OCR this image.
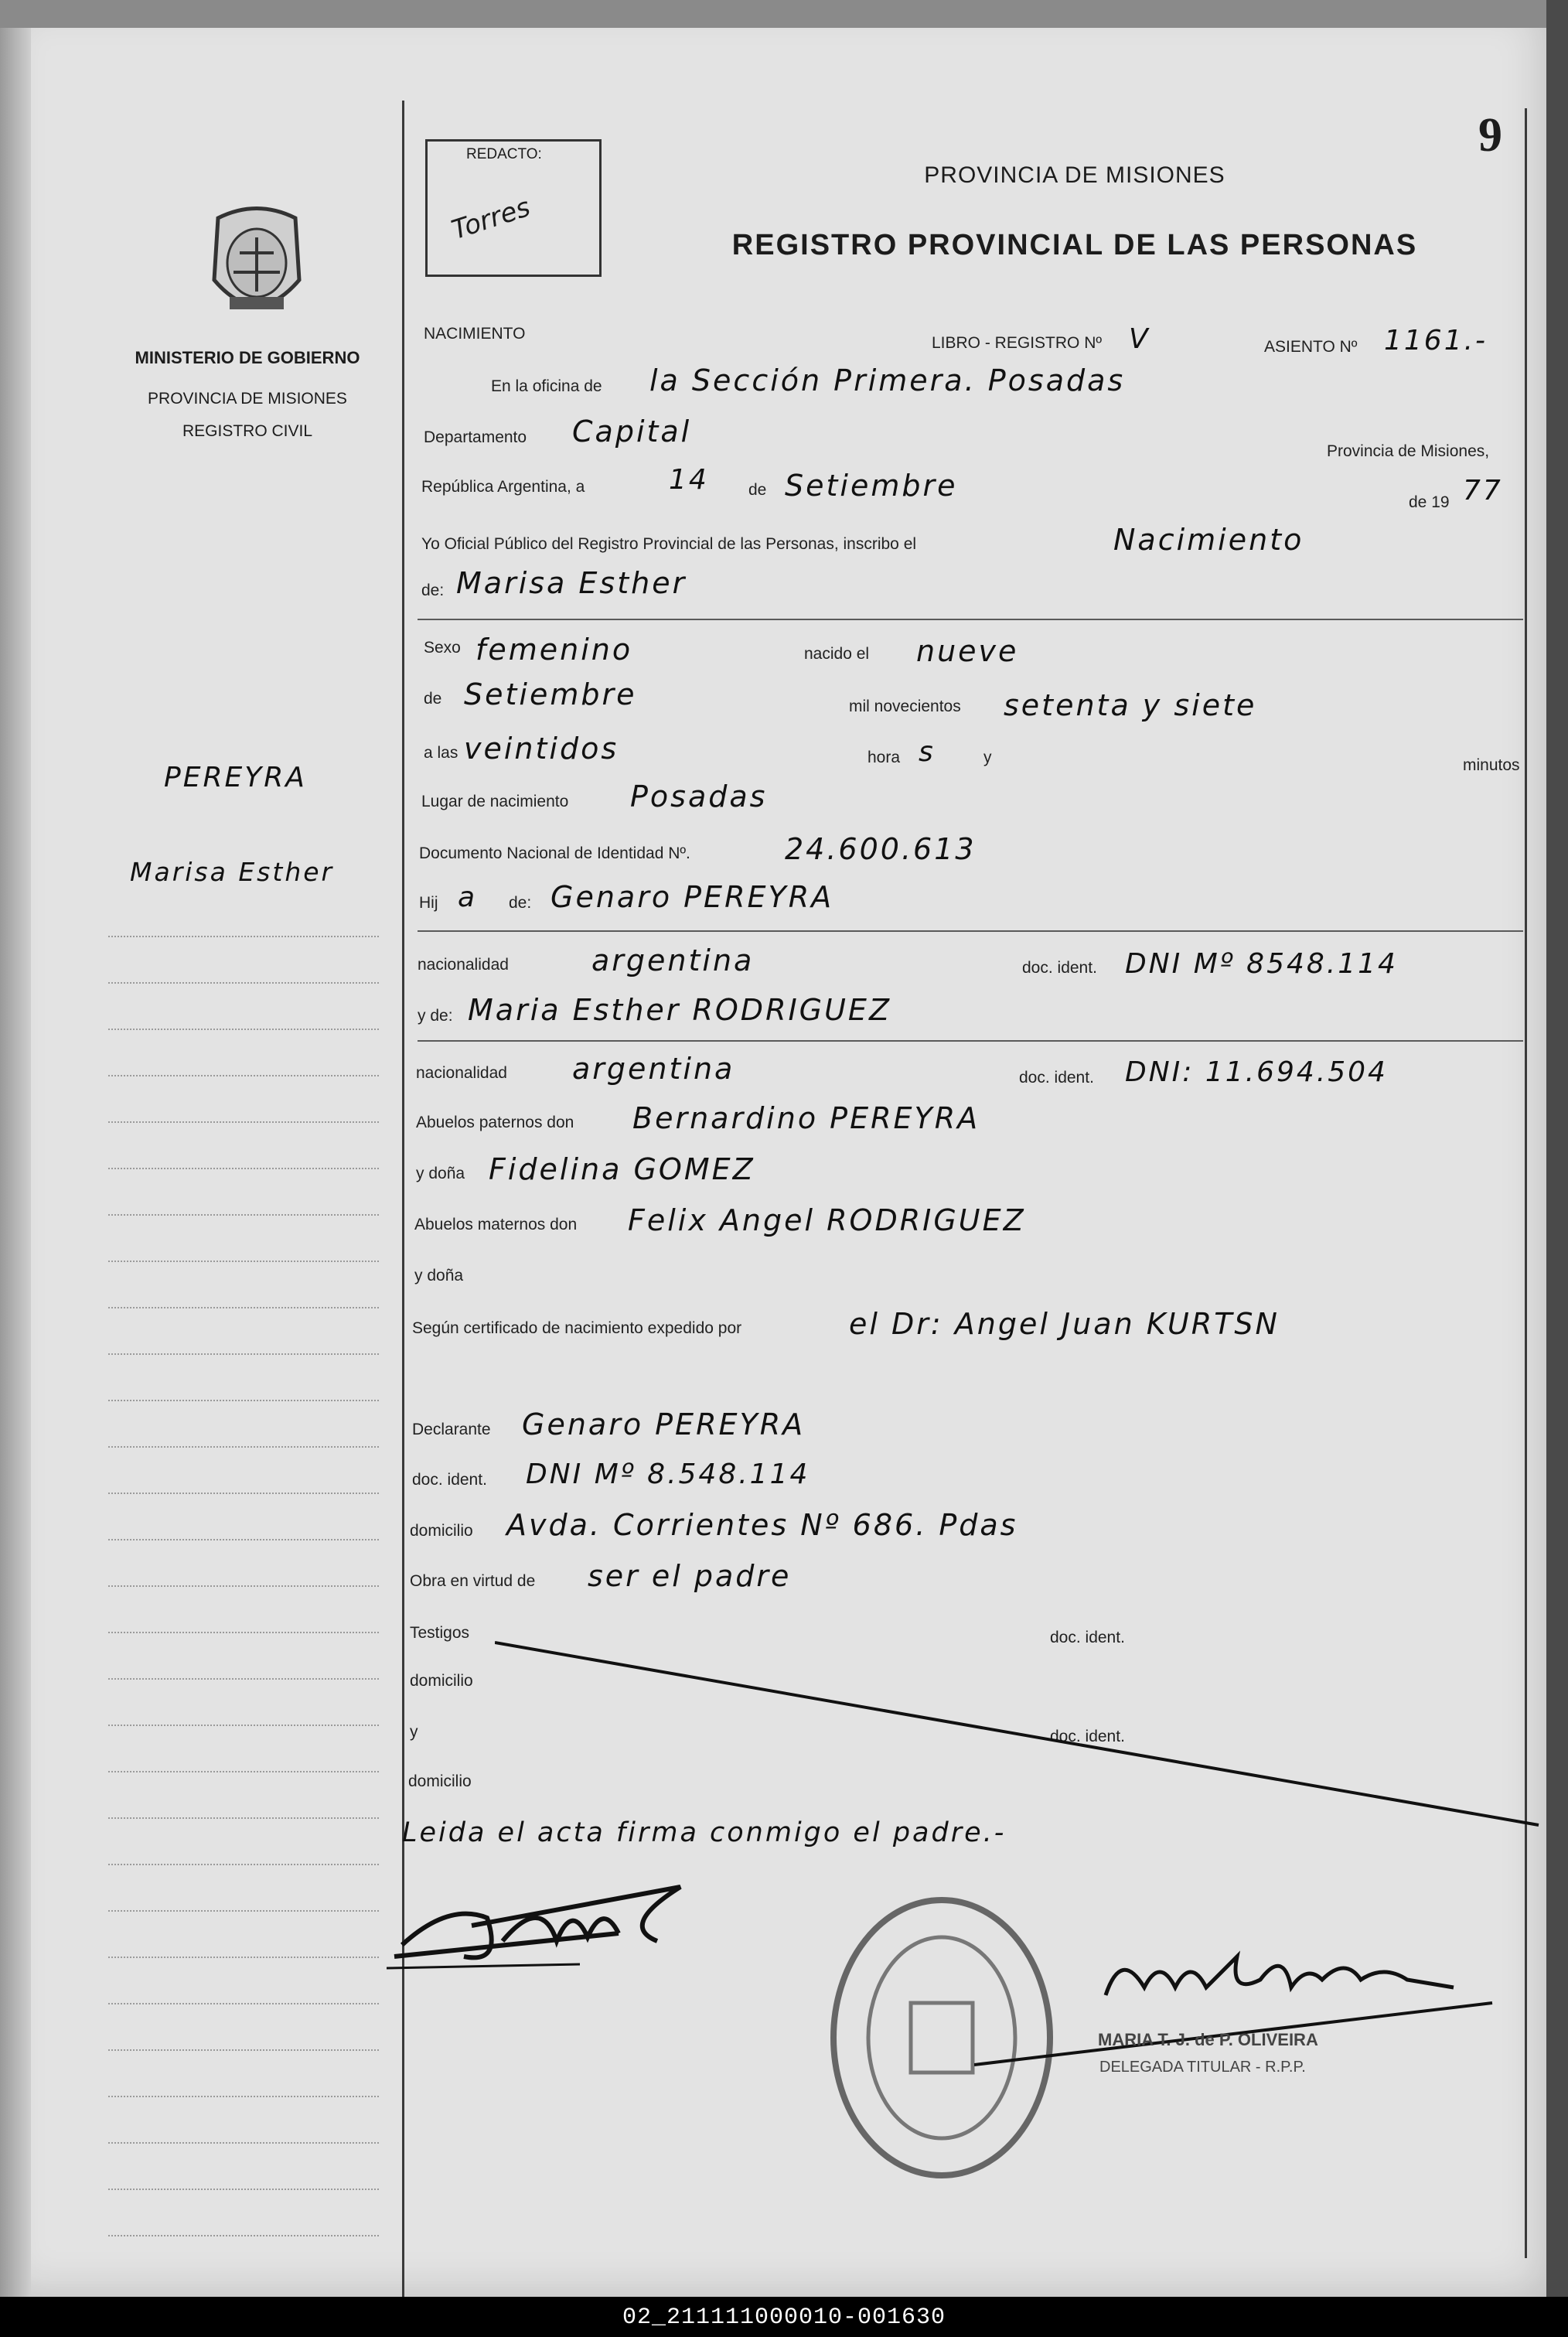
9
REDACTO:
Torres
PROVINCIA DE MISIONES
REGISTRO PROVINCIAL DE LAS PERSONAS
MINISTERIO DE GOBIERNO
PROVINCIA DE MISIONES
REGISTRO CIVIL
PEREYRA
Marisa Esther
NACIMIENTO
LIBRO - REGISTRO Nº V	ASIENTO Nº 1161.-
En la oficina de la Sección Primera. Posadas
Departamento Capital
Provincia de Misiones,
República Argentina, a	14 de Setiembre	de 19 77
Yo Oficial Público del Registro Provincial de las Personas, inscribo el	Nacimiento
de: Marisa Esther
Sexo femenino	nacido el nueve
de Setiembre	mil novecientos setenta y siete
a las veintidos	hora s	y	minutos
Lugar de nacimiento Posadas
Documento Nacional de Identidad Nº.	24.600.613
Hij a de: Genaro PEREYRA
nacionalidad	argentina	doc. ident. DNI Mº 8548.114
y de: Maria Esther RODRIGUEZ
nacionalidad argentina	doc. ident. DNI: 11.694.504
Abuelos paternos don Bernardino PEREYRA
y doña Fidelina GOMEZ
Abuelos maternos don Felix Angel RODRIGUEZ
y doña
Según certificado de nacimiento expedido por	el Dr: Angel Juan KURTSN
Declarante Genaro PEREYRA
doc. ident. DNI Mº 8.548.114
domicilio Avda. Corrientes Nº 686. Pdas
Obra en virtud de ser el padre
Testigos	doc. ident.
domicilio
y	doc. ident.
domicilio
Leida el acta firma conmigo el padre.-
MARIA T. J. de P. OLIVEIRA
DELEGADA TITULAR - R.P.P.
02_211111000010-001630
